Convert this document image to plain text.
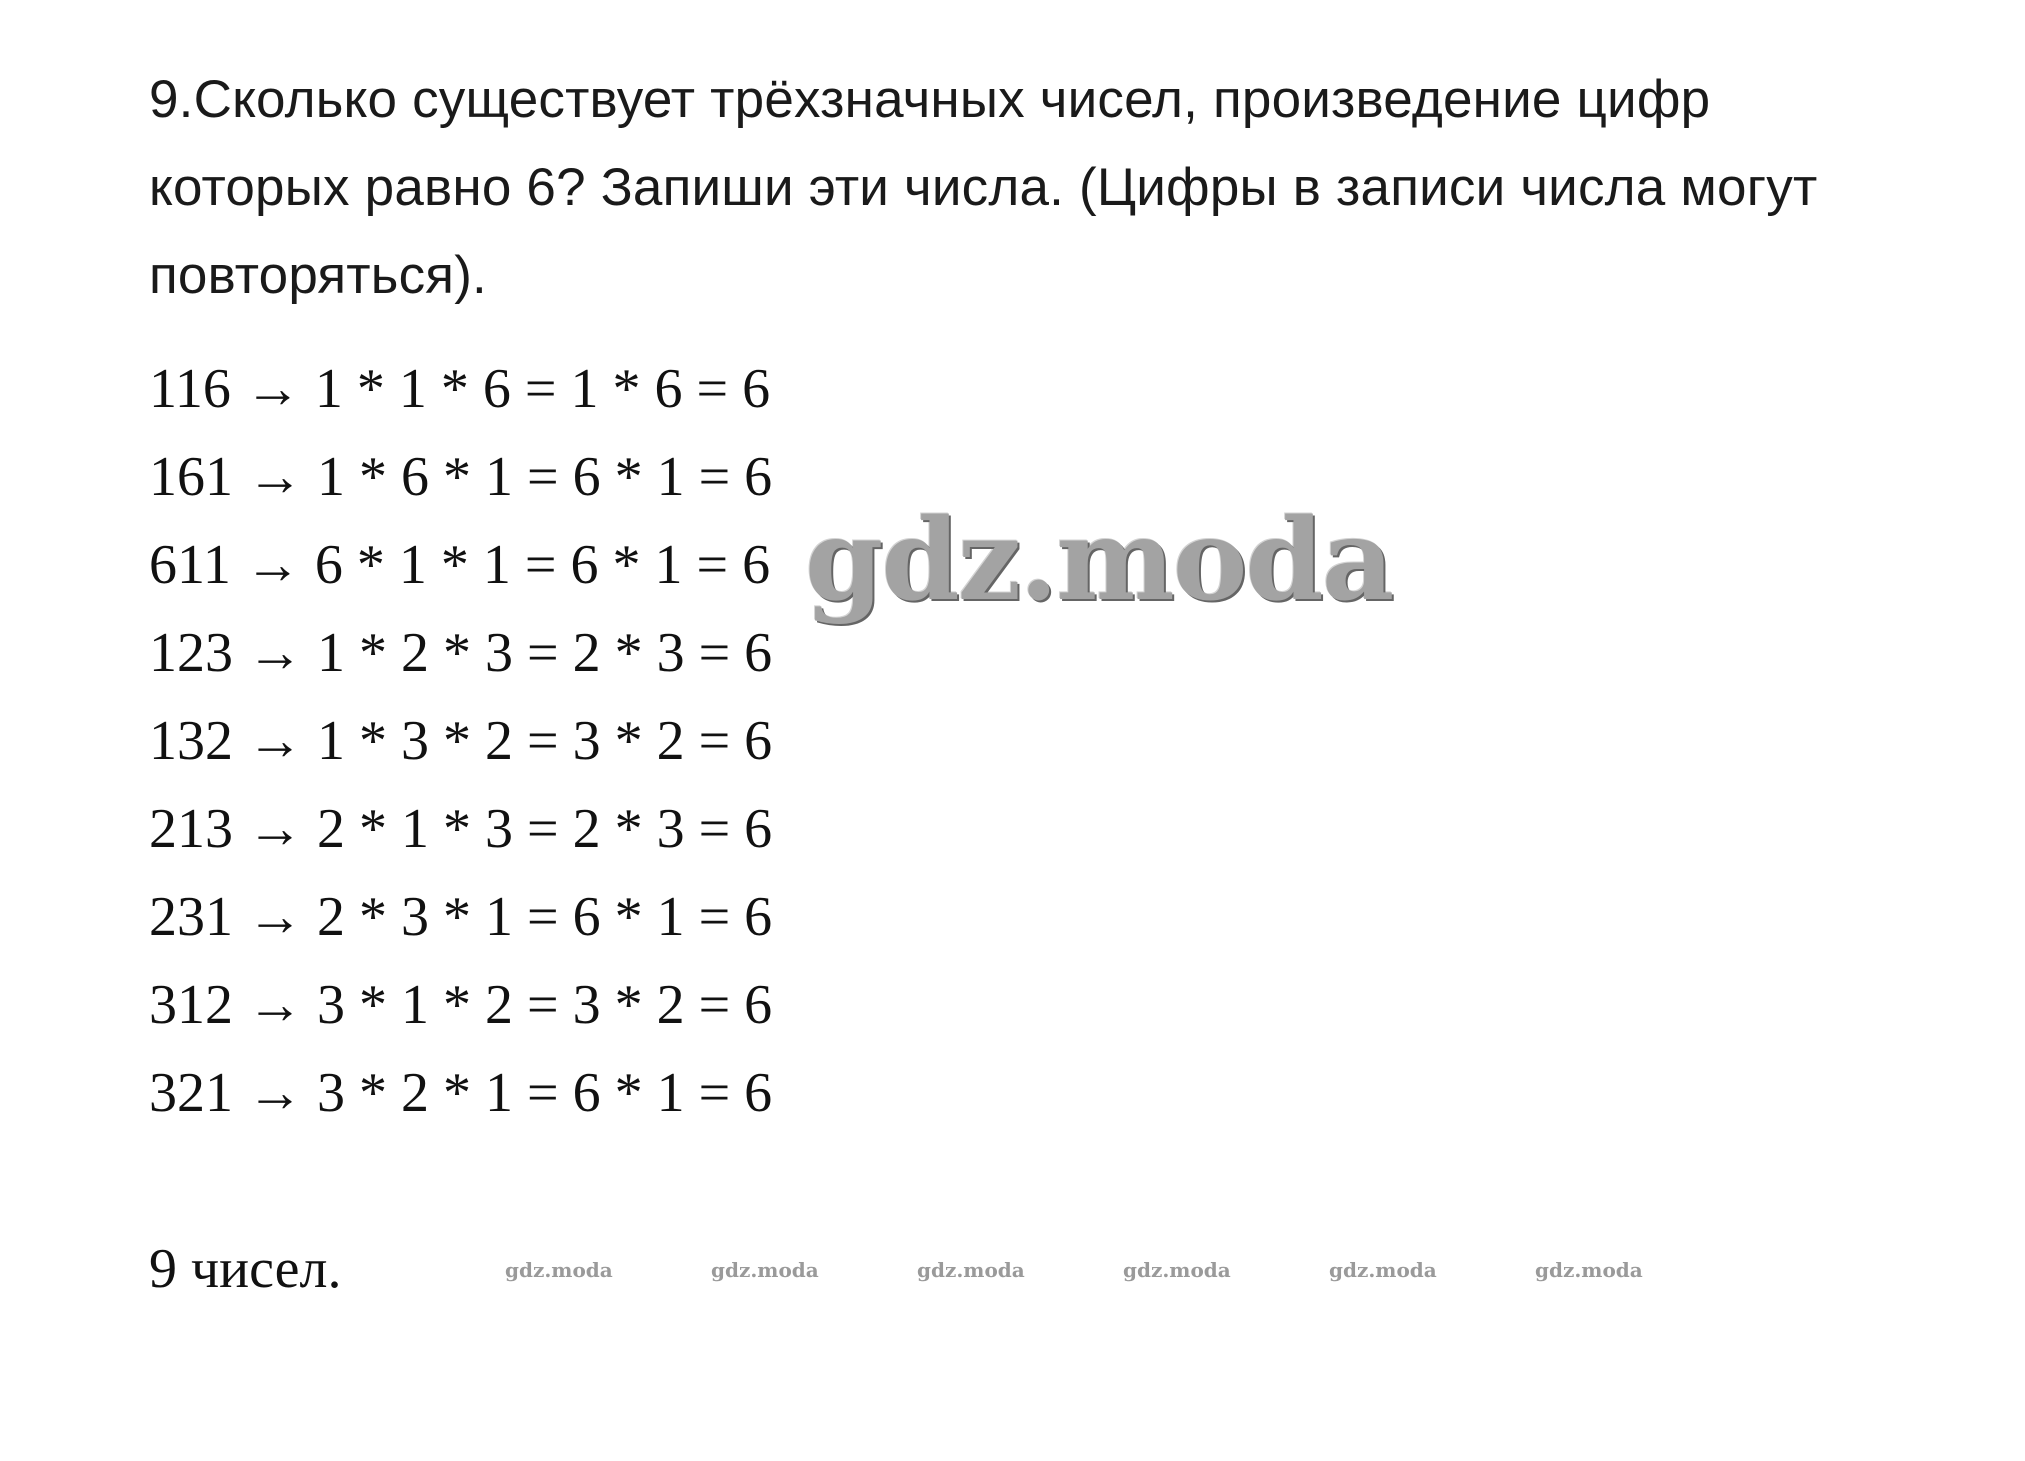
9.Сколько существует трёхзначных чисел, произведение цифр
которых равно 6? Запиши эти числа. (Цифры в записи числа могут
повторяться).

116 → 1 * 1 * 6 = 1 * 6 = 6
161 → 1 * 6 * 1 = 6 * 1 = 6
611 → 6 * 1 * 1 = 6 * 1 = 6
123 → 1 * 2 * 3 = 2 * 3 = 6
132 → 1 * 3 * 2 = 3 * 2 = 6
213 → 2 * 1 * 3 = 2 * 3 = 6
231 → 2 * 3 * 1 = 6 * 1 = 6
312 → 3 * 1 * 2 = 3 * 2 = 6
321 → 3 * 2 * 1 = 6 * 1 = 6

9 чисел.

gdz.moda
gdz.moda	gdz.moda	gdz.moda	gdz.moda	gdz.moda	gdz.moda
